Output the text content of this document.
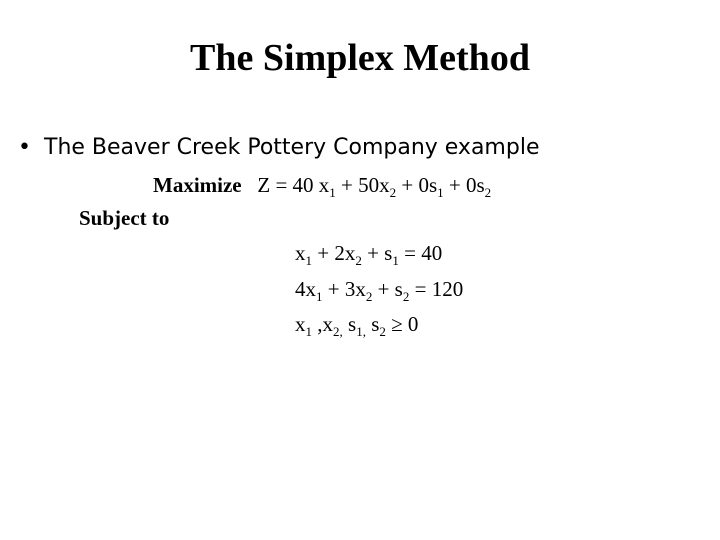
The Simplex Method
• The Beaver Creek Pottery Company example
Maximize Z = 40 $x_1 + 50x_2 + 0s_1 + 0s_2$
Subject to
$x_1 + 2x_2 + s_1 = 40$
$4x_1 + 3x_2 + s_2 = 120$
$x_1$ $,x_{2,}$ $s_{1,}$ $s_2 \ge 0$
